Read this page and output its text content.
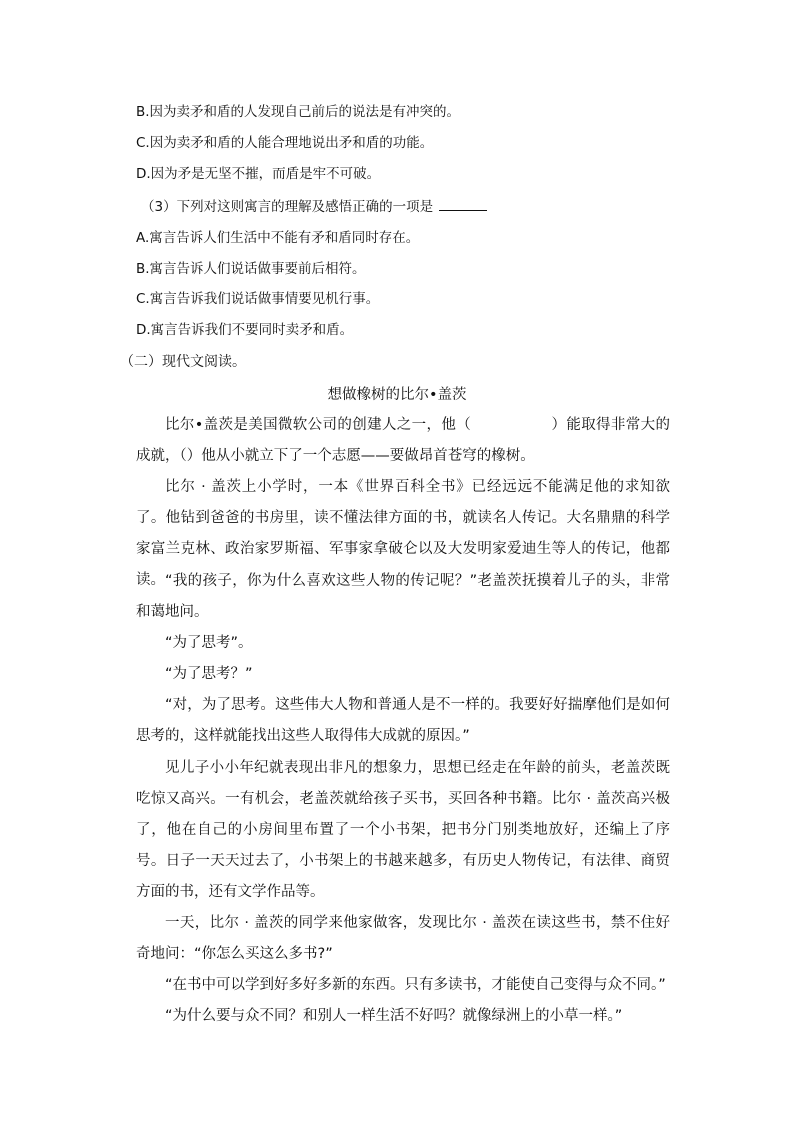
B.因为卖矛和盾的人发现自己前后的说法是有冲突的。
C.因为卖矛和盾的人能合理地说出矛和盾的功能。
D.因为矛是无坚不摧，而盾是牢不可破。
（3）下列对这则寓言的理解及感悟正确的一项是
A.寓言告诉人们生活中不能有矛和盾同时存在。
B.寓言告诉人们说话做事要前后相符。
C.寓言告诉我们说话做事情要见机行事。
D.寓言告诉我们不要同时卖矛和盾。
（二）现代文阅读。
想做橡树的比尔•盖茨
比尔•盖茨是美国微软公司的创建人之一，他（	）能取得非常大的成就，（）他从小就立下了一个志愿——要做昂首苍穹的橡树。
比尔 · 盖茨上小学时，一本《世界百科全书》已经远远不能满足他的求知欲了。他钻到爸爸的书房里，读不懂法律方面的书，就读名人传记。大名鼎鼎的科学家富兰克林、政治家罗斯福、军事家拿破仑以及大发明家爱迪生等人的传记，他都读。 “我的孩子，你为什么喜欢这些人物的传记呢？”老盖茨抚摸着儿子的头，非常和蔼地问。
“为了思考”。
“为了思考？”
“对，为了思考。这些伟大人物和普通人是不一样的。我要好好揣摩他们是如何思考的，这样就能找出这些人取得伟大成就的原因。”
见儿子小小年纪就表现出非凡的想象力，思想已经走在年龄的前头，老盖茨既吃惊又高兴。一有机会，老盖茨就给孩子买书，买回各种书籍。比尔 · 盖茨高兴极了，他在自己的小房间里布置了一个小书架，把书分门别类地放好，还编上了序号。日子一天天过去了，小书架上的书越来越多，有历史人物传记，有法律、商贸方面的书，还有文学作品等。
一天，比尔 · 盖茨的同学来他家做客，发现比尔 · 盖茨在读这些书，禁不住好奇地问：“你怎么买这么多书?”
“在书中可以学到好多好多新的东西。只有多读书，才能使自己变得与众不同。”
“为什么要与众不同？和别人一样生活不好吗？就像绿洲上的小草一样。”
